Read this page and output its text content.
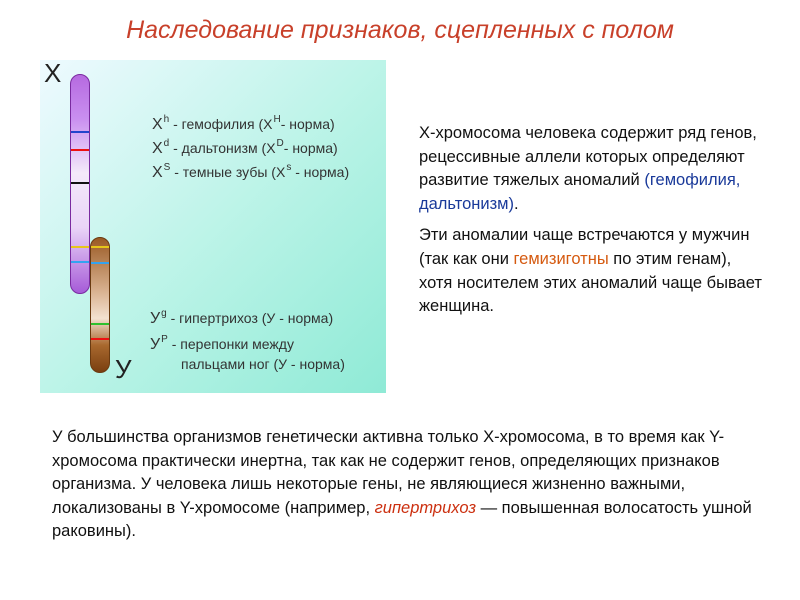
Наследование признаков, сцепленных с полом
Х
У
$X^h$ - гемофилия ($Х^H-$ норма)
$X^d$ - дальтонизм ($Х^D-$ норма)
$X^S$ - темные зубы ($Х^s$ - норма)
$У^g$ - гипертрихоз (У - норма)
$У^P$ - перепонки между
пальцами ног (У - норма)

Х-хромосома человека содержит ряд генов, рецессивные аллели которых определяют развитие тяжелых аномалий (гемофилия, дальтонизм).

Эти аномалии чаще встречаются у мужчин (так как они гемизиготны по этим генам), хотя носителем этих аномалий чаще бывает женщина.

У большинства организмов генетически активна только Х-хромосома, в то время как Y-хромосома практически инертна, так как не содержит генов, определяющих признаков организма. У человека лишь некоторые гены, не являющиеся жизненно важными, локализованы в Y-хромосоме (например, гипертрихоз — повышенная волосатость ушной раковины).
